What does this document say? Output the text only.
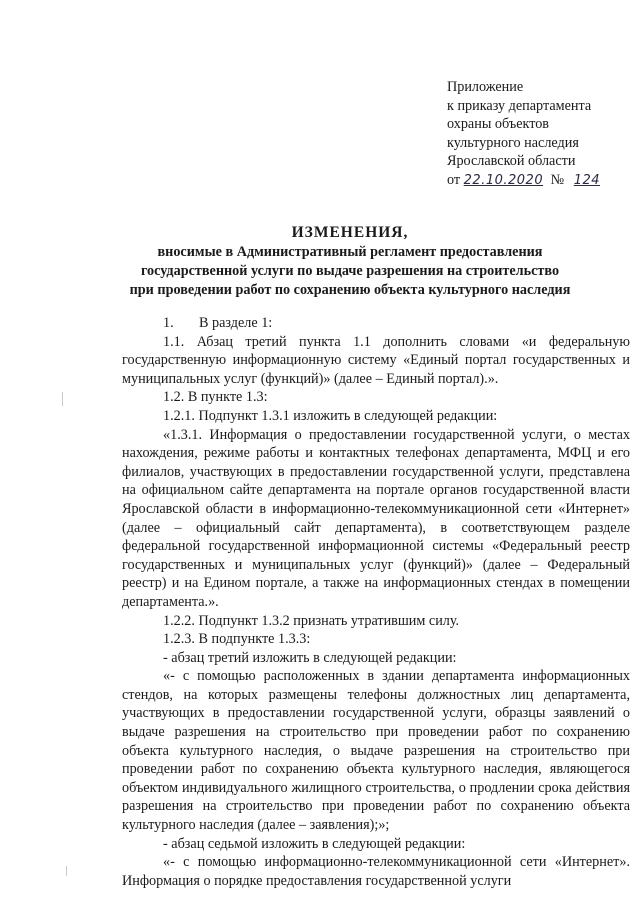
Приложение
к приказу департамента
охраны объектов
культурного наследия
Ярославской области
от 22.10.2020 № 124
ИЗМЕНЕНИЯ,
вносимые в Административный регламент предоставления
государственной услуги по выдаче разрешения на строительство
при проведении работ по сохранению объекта культурного наследия

1. В разделе 1:

1.1. Абзац третий пункта 1.1 дополнить словами «и федеральную государственную информационную систему «Единый портал государственных и муниципальных услуг (функций)» (далее – Единый портал).».

1.2. В пункте 1.3:

1.2.1. Подпункт 1.3.1 изложить в следующей редакции:

«1.3.1. Информация о предоставлении государственной услуги, о местах нахождения, режиме работы и контактных телефонах департамента, МФЦ и его филиалов, участвующих в предоставлении государственной услуги, представлена на официальном сайте департамента на портале органов государственной власти Ярославской области в информационно-телекоммуникационной сети «Интернет» (далее – официальный сайт департамента), в соответствующем разделе федеральной государственной информационной системы «Федеральный реестр государственных и муниципальных услуг (функций)» (далее – Федеральный реестр) и на Едином портале, а также на информационных стендах в помещении департамента.».

1.2.2. Подпункт 1.3.2 признать утратившим силу.

1.2.3. В подпункте 1.3.3:

- абзац третий изложить в следующей редакции:

«- с помощью расположенных в здании департамента информационных стендов, на которых размещены телефоны должностных лиц департамента, участвующих в предоставлении государственной услуги, образцы заявлений о выдаче разрешения на строительство при проведении работ по сохранению объекта культурного наследия, о выдаче разрешения на строительство при проведении работ по сохранению объекта культурного наследия, являющегося объектом индивидуального жилищного строительства, о продлении срока действия разрешения на строительство при проведении работ по сохранению объекта культурного наследия (далее – заявления);»;

- абзац седьмой изложить в следующей редакции:

«- с помощью информационно-телекоммуникационной сети «Интернет». Информация о порядке предоставления государственной услуги
